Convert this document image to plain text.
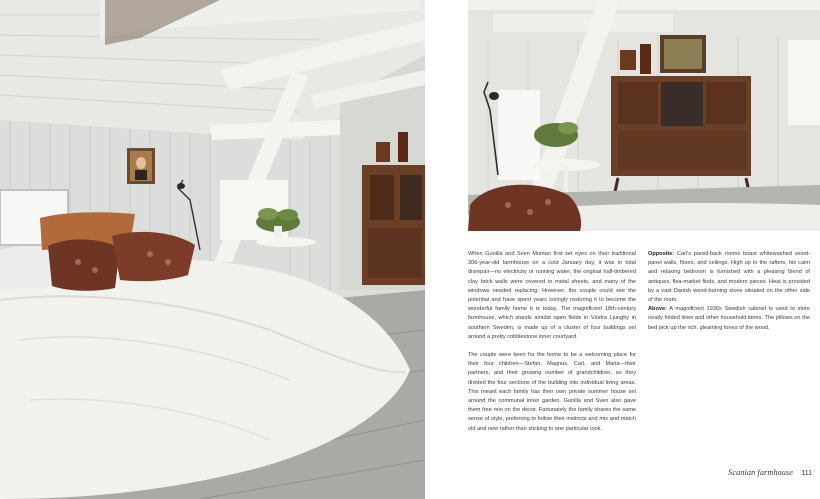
When Gunilla and Sven Montan first set eyes on their traditional 300-year-old farmhouse on a cold January day, it was in total disrepair—no electricity or running water, the original half-timbered clay brick walls were covered in metal sheets, and many of the windows needed replacing. However, the couple could see the potential and have spent years lovingly restoring it to become the wonderful family home it is today. The magnificent 18th-century farmhouse, which stands amidst open fields in Västra Ljungby in southern Sweden, is made up of a cluster of four buildings set around a pretty cobblestone inner courtyard.

The couple were keen for the home to be a welcoming place for their four children—Stefan, Magnus, Carl, and Maria—their partners, and their growing number of grandchildren, so they divided the four sections of the building into individual living areas. This meant each family has their own private summer house set around the communal inner garden. Gunilla and Sven also gave them free rein on the decor. Fortunately the family shares the same sense of style, preferring to follow their instincts and mix and match old and new rather than sticking to one particular look.

Opposite: Carl's pared-back rooms boast whitewashed wood-panel walls, floors, and ceilings. High up in the rafters, his calm and relaxing bedroom is furnished with a pleasing blend of antiques, flea-market finds, and modern pieces. Heat is provided by a vast Danish wood-burning stove situated on the other side of the room.

Above: A magnificent 1930s Swedish cabinet is used to store neatly folded linen and other household items. The pillows on the bed pick up the rich, gleaming tones of the wood.

Scanian farmhouse 111
